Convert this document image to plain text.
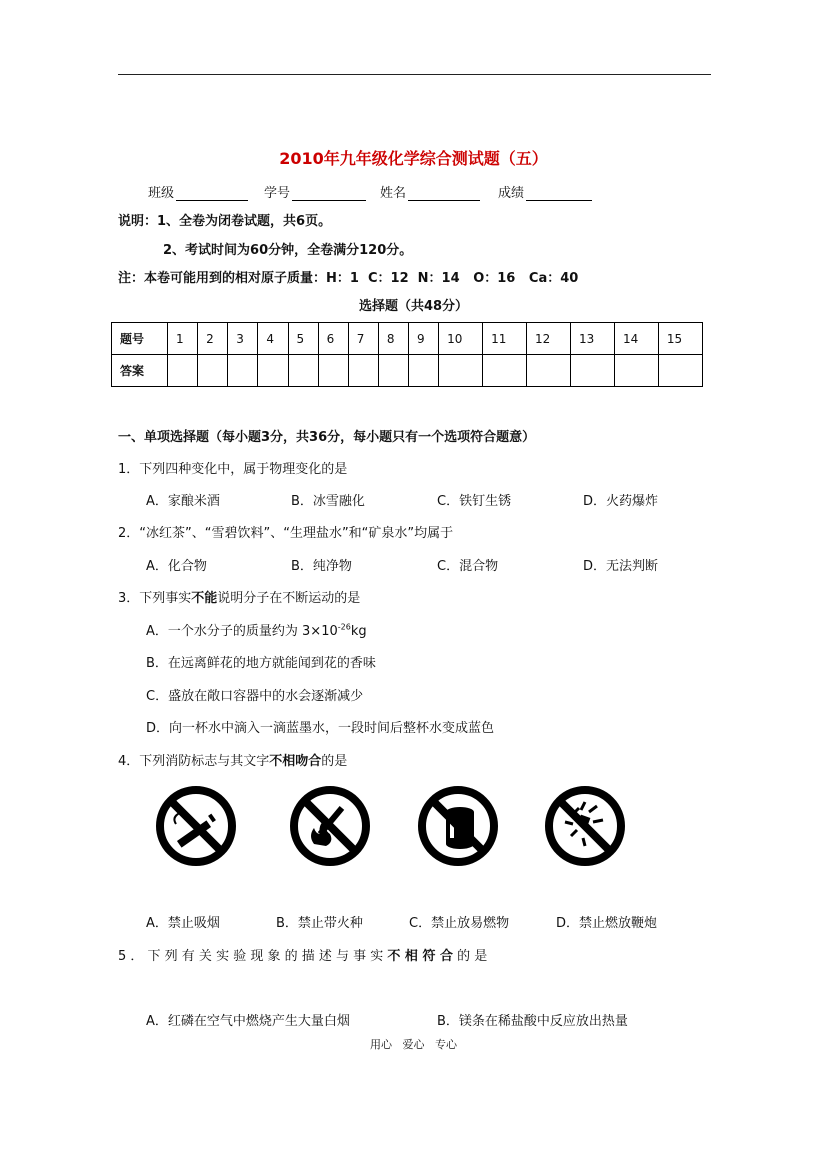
2010年九年级化学综合测试题（五）
班级	学号	姓名	成绩
说明：1、全卷为闭卷试题，共6页。
2、考试时间为60分钟，全卷满分120分。
注：本卷可能用到的相对原子质量：H：1  C：12  N：14   O：16   Ca：40
选择题（共48分）
题号	1	2	3	4	5	6	7	8	9	10	11	12	13	14	15
答案															
一、单项选择题（每小题3分，共36分，每小题只有一个选项符合题意）
1．下列四种变化中，属于物理变化的是
A．家酿米酒	B．冰雪融化	C．铁钉生锈	D．火药爆炸
2．“冰红茶”、“雪碧饮料”、“生理盐水”和“矿泉水”均属于
A．化合物	B．纯净物	C．混合物	D．无法判断
3．下列事实不能说明分子在不断运动的是
A．一个水分子的质量约为 $3\times 10^{-26}kg$
B．在远离鲜花的地方就能闻到花的香味
C．盛放在敞口容器中的水会逐渐减少
D．向一杯水中滴入一滴蓝墨水，一段时间后整杯水变成蓝色
4．下列消防标志与其文字不相吻合的是
A．禁止吸烟	B．禁止带火种	C．禁止放易燃物	D．禁止燃放鞭炮
5 ． 下 列 有 关 实 验 现 象 的 描 述 与 事 实 不 相 符 合 的 是
A．红磷在空气中燃烧产生大量白烟	B．镁条在稀盐酸中反应放出热量
用心   爱心   专心
